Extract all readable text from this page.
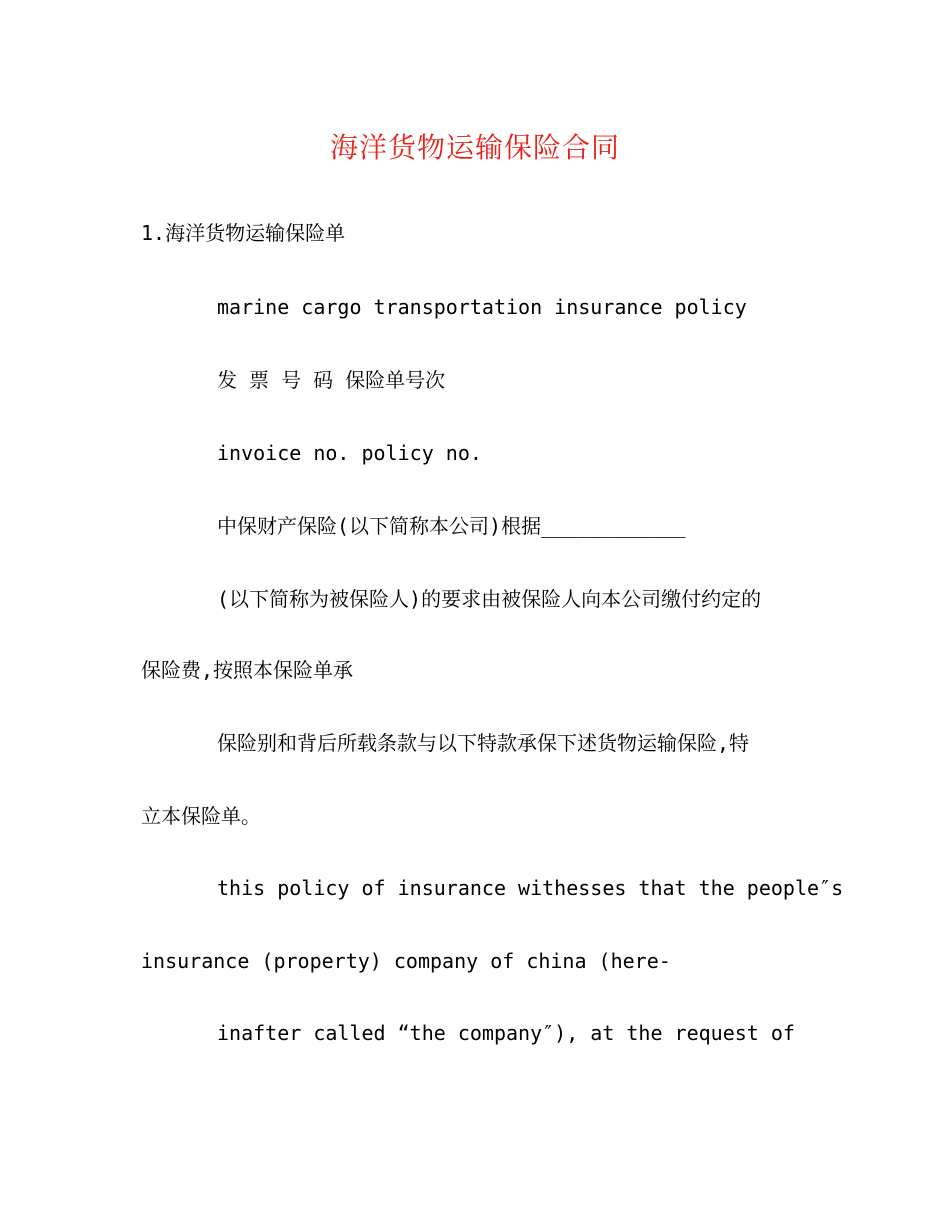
海洋货物运输保险合同
1.海洋货物运输保险单
marine cargo transportation insurance policy
发 票 号 码 保险单号次
invoice no. policy no.
中保财产保险(以下简称本公司)根据____________
(以下简称为被保险人)的要求由被保险人向本公司缴付约定的
保险费,按照本保险单承
保险别和背后所载条款与以下特款承保下述货物运输保险,特
立本保险单。
this policy of insurance withesses that the people″s
insurance (property) company of china (here-
inafter called “the company″), at the request of
